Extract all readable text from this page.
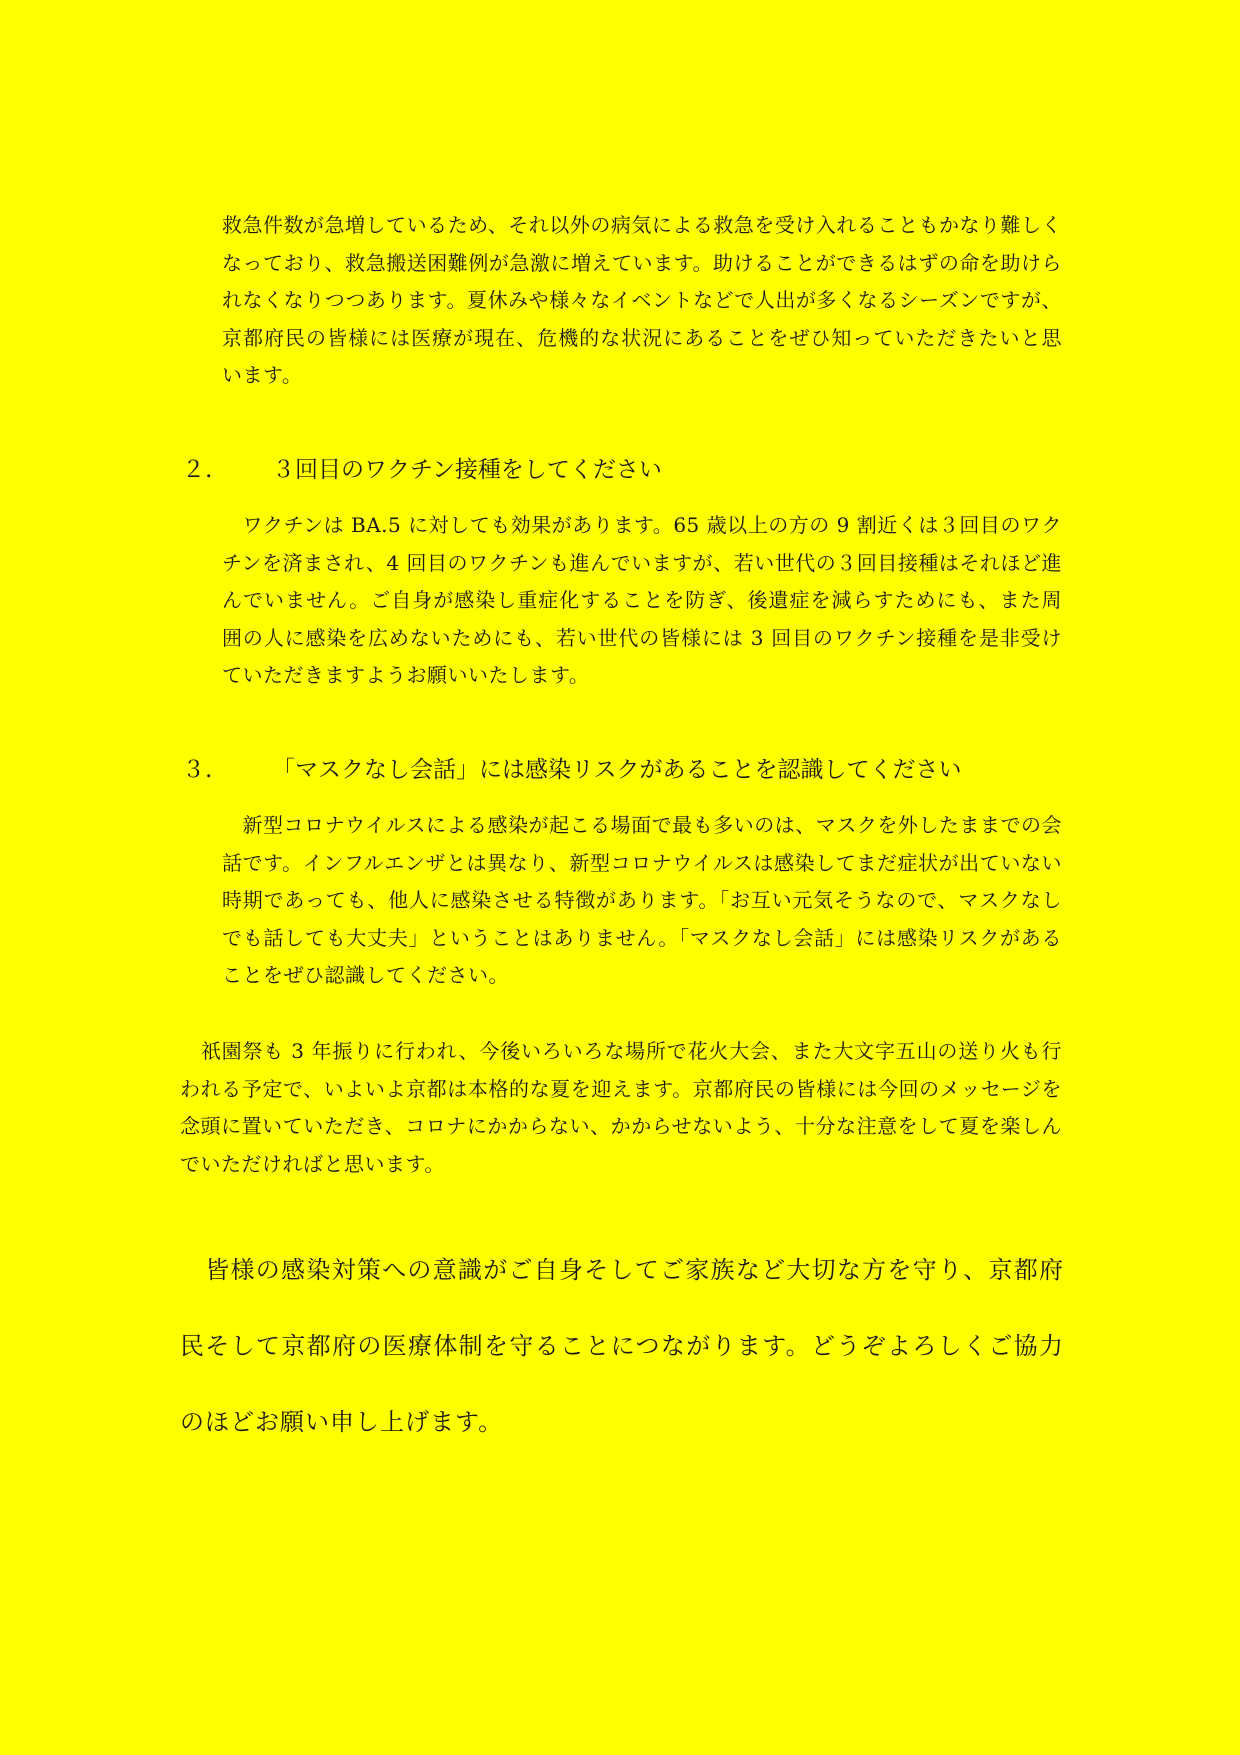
救急件数が急増しているため、それ以外の病気による救急を受け入れることもかなり難しくなっており、救急搬送困難例が急激に増えています。助けることができるはずの命を助けられなくなりつつあります。夏休みや様々なイベントなどで人出が多くなるシーズンですが、京都府民の皆様には医療が現在、危機的な状況にあることをぜひ知っていただきたいと思います。

２.	３回目のワクチン接種をしてください

　ワクチンは BA.5 に対しても効果があります。65 歳以上の方の 9 割近くは３回目のワクチンを済まされ、4 回目のワクチンも進んでいますが、若い世代の３回目接種はそれほど進んでいません。ご自身が感染し重症化することを防ぎ、後遺症を減らすためにも、また周囲の人に感染を広めないためにも、若い世代の皆様には 3 回目のワクチン接種を是非受けていただきますようお願いいたします。

３.	「マスクなし会話」には感染リスクがあることを認識してください

　新型コロナウイルスによる感染が起こる場面で最も多いのは、マスクを外したままでの会話です。インフルエンザとは異なり、新型コロナウイルスは感染してまだ症状が出ていない時期であっても、他人に感染させる特徴があります。「お互い元気そうなので、マスクなしでも話しても大丈夫」ということはありません。「マスクなし会話」には感染リスクがあることをぜひ認識してください。

　祇園祭も 3 年振りに行われ、今後いろいろな場所で花火大会、また大文字五山の送り火も行われる予定で、いよいよ京都は本格的な夏を迎えます。京都府民の皆様には今回のメッセージを念頭に置いていただき、コロナにかからない、かからせないよう、十分な注意をして夏を楽しんでいただければと思います。

　皆様の感染対策への意識がご自身そしてご家族など大切な方を守り、京都府民そして京都府の医療体制を守ることにつながります。どうぞよろしくご協力のほどお願い申し上げます。
